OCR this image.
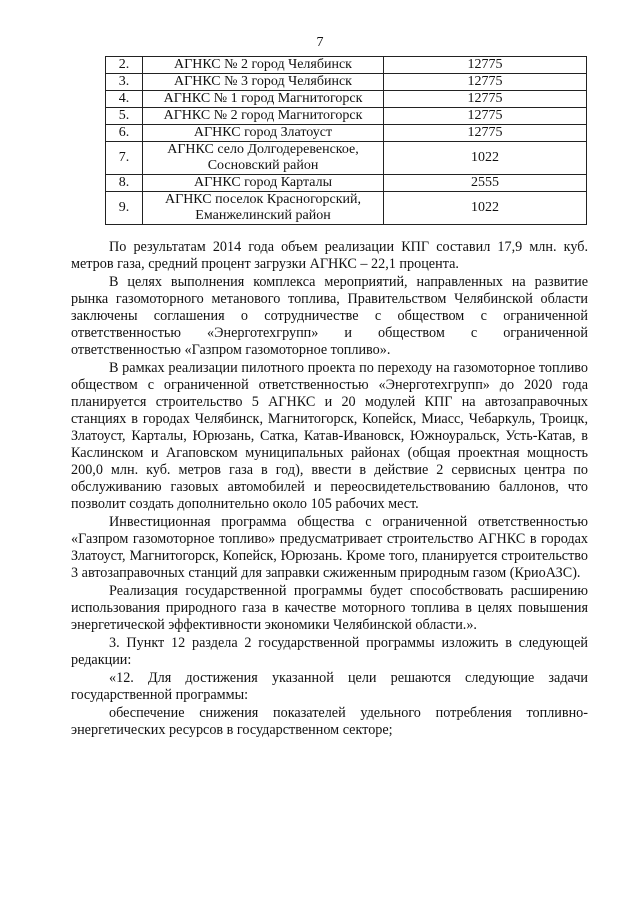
7
2.	АГНКС № 2 город Челябинск	12775
3.	АГНКС № 3 город Челябинск	12775
4.	АГНКС № 1 город Магнитогорск	12775
5.	АГНКС № 2 город Магнитогорск	12775
6.	АГНКС город Златоуст	12775
7.	АГНКС село Долгодеревенское,
Сосновский район	1022
8.	АГНКС город Карталы	2555
9.	АГНКС поселок Красногорский,
Еманжелинский район	1022

По результатам 2014 года объем реализации КПГ составил 17,9 млн. куб. метров газа, средний процент загрузки АГНКС – 22,1 процента.

В целях выполнения комплекса мероприятий, направленных на развитие рынка газомоторного метанового топлива, Правительством Челябинской области заключены соглашения о сотрудничестве с обществом с ограниченной ответственностью «Энерготехгрупп» и обществом с ограниченной ответственностью «Газпром газомоторное топливо».

В рамках реализации пилотного проекта по переходу на газомоторное топливо обществом с ограниченной ответственностью «Энерготехгрупп» до 2020 года планируется строительство 5 АГНКС и 20 модулей КПГ на автозаправочных станциях в городах Челябинск, Магнитогорск, Копейск, Миасс, Чебаркуль, Троицк, Златоуст, Карталы, Юрюзань, Сатка, Катав-Ивановск, Южноуральск, Усть-Катав, в Каслинском и Агаповском муниципальных районах (общая проектная мощность 200,0 млн. куб. метров газа в год), ввести в действие 2 сервисных центра по обслуживанию газовых автомобилей и переосвидетельствованию баллонов, что позволит создать дополнительно около 105 рабочих мест.

Инвестиционная программа общества с ограниченной ответственностью «Газпром газомоторное топливо» предусматривает строительство АГНКС в городах Златоуст, Магнитогорск, Копейск, Юрюзань. Кроме того, планируется строительство 3 автозаправочных станций для заправки сжиженным природным газом (КриоАЗС).

Реализация государственной программы будет способствовать расширению использования природного газа в качестве моторного топлива в целях повышения энергетической эффективности экономики Челябинской области.».

3. Пункт 12 раздела 2 государственной программы изложить в следующей редакции:

«12. Для достижения указанной цели решаются следующие задачи государственной программы:

обеспечение снижения показателей удельного потребления топливно-энергетических ресурсов в государственном секторе;
